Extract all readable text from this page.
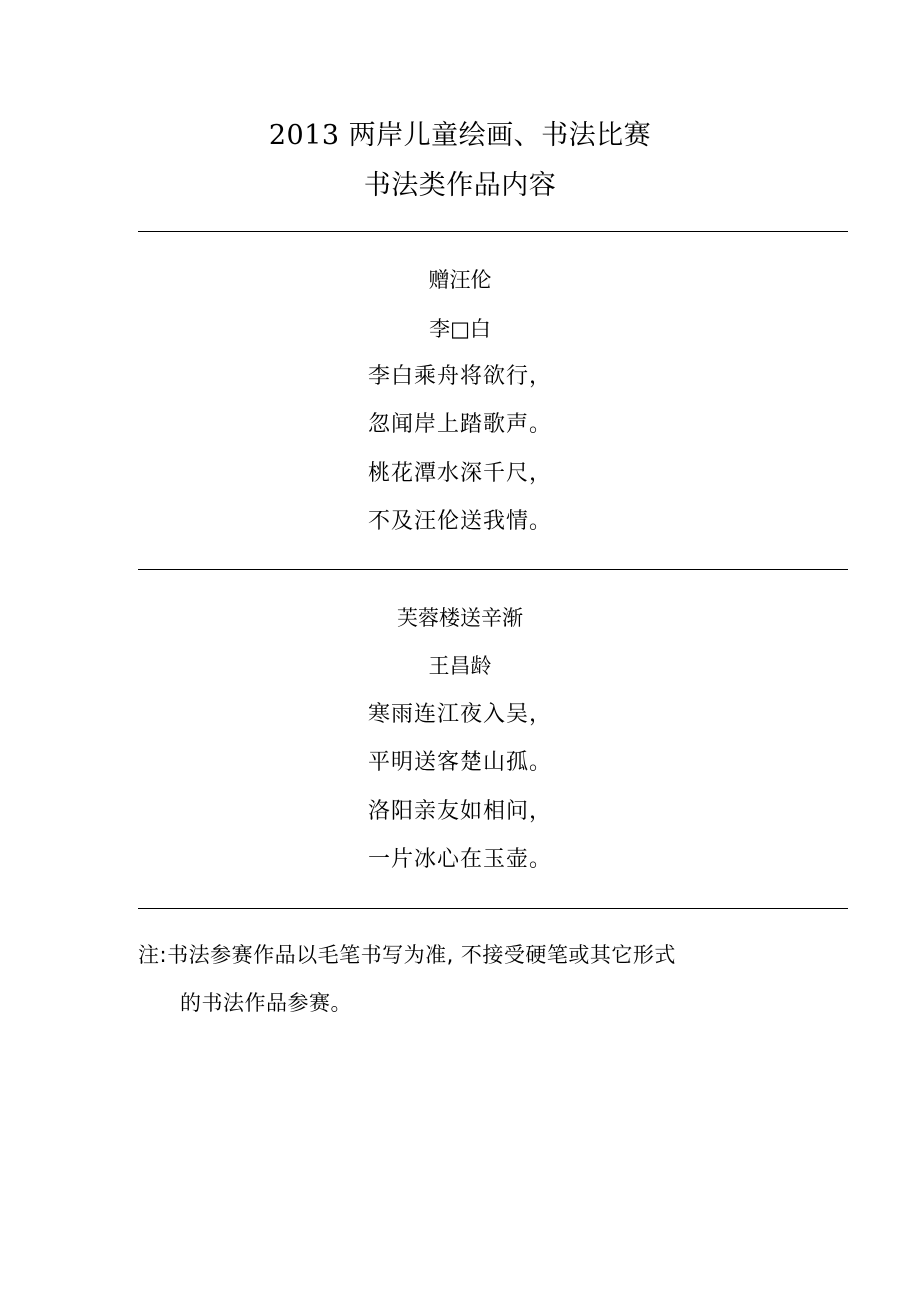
2013 两岸儿童绘画、书法比赛
书法类作品内容
赠汪伦
李□白
李白乘舟将欲行，
忽闻岸上踏歌声。
桃花潭水深千尺，
不及汪伦送我情。
芙蓉楼送辛渐
王昌龄
寒雨连江夜入吴，
平明送客楚山孤。
洛阳亲友如相问，
一片冰心在玉壶。
注:书法参赛作品以毛笔书写为准, 不接受硬笔或其它形式
的书法作品参赛。
